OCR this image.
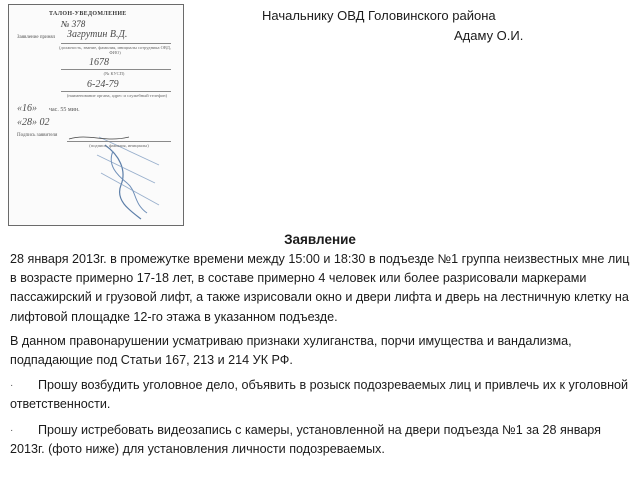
ТАЛОН-УВЕДОМЛЕНИЕ
№ 378
Заявление принял Загрутин В.Д.
(должность, звание, фамилия, инициалы сотрудника ОВД, ФИО)
1678
(№ КУСП)
6-24-79
(наименование органа, адрес и служебный телефон)
«16» час. 55 мин.
«28» 02
Подпись заявителя
(подпись, фамилия, инициалы)

Начальнику ОВД Головинского района

Адаму О.И.

Заявление

28 января 2013г. в промежутке времени между 15:00 и 18:30 в подъезде №1 группа неизвестных мне лиц в возрасте примерно 17-18 лет, в составе примерно 4 человек или более разрисовали маркерами пассажирский и грузовой лифт, а также изрисовали окно и двери лифта и дверь на лестничную клетку на лифтовой площадке 12-го этажа в указанном подъезде.

В данном правонарушении усматриваю признаки хулиганства, порчи имущества и вандализма, подпадающие под Статьи 167, 213 и 214 УК РФ.

· Прошу возбудить уголовное дело, объявить в розыск подозреваемых лиц и привлечь их к уголовной ответственности.

· Прошу истребовать видеозапись с камеры, установленной на двери подъезда №1 за 28 января 2013г. (фото ниже) для установления личности подозреваемых.
